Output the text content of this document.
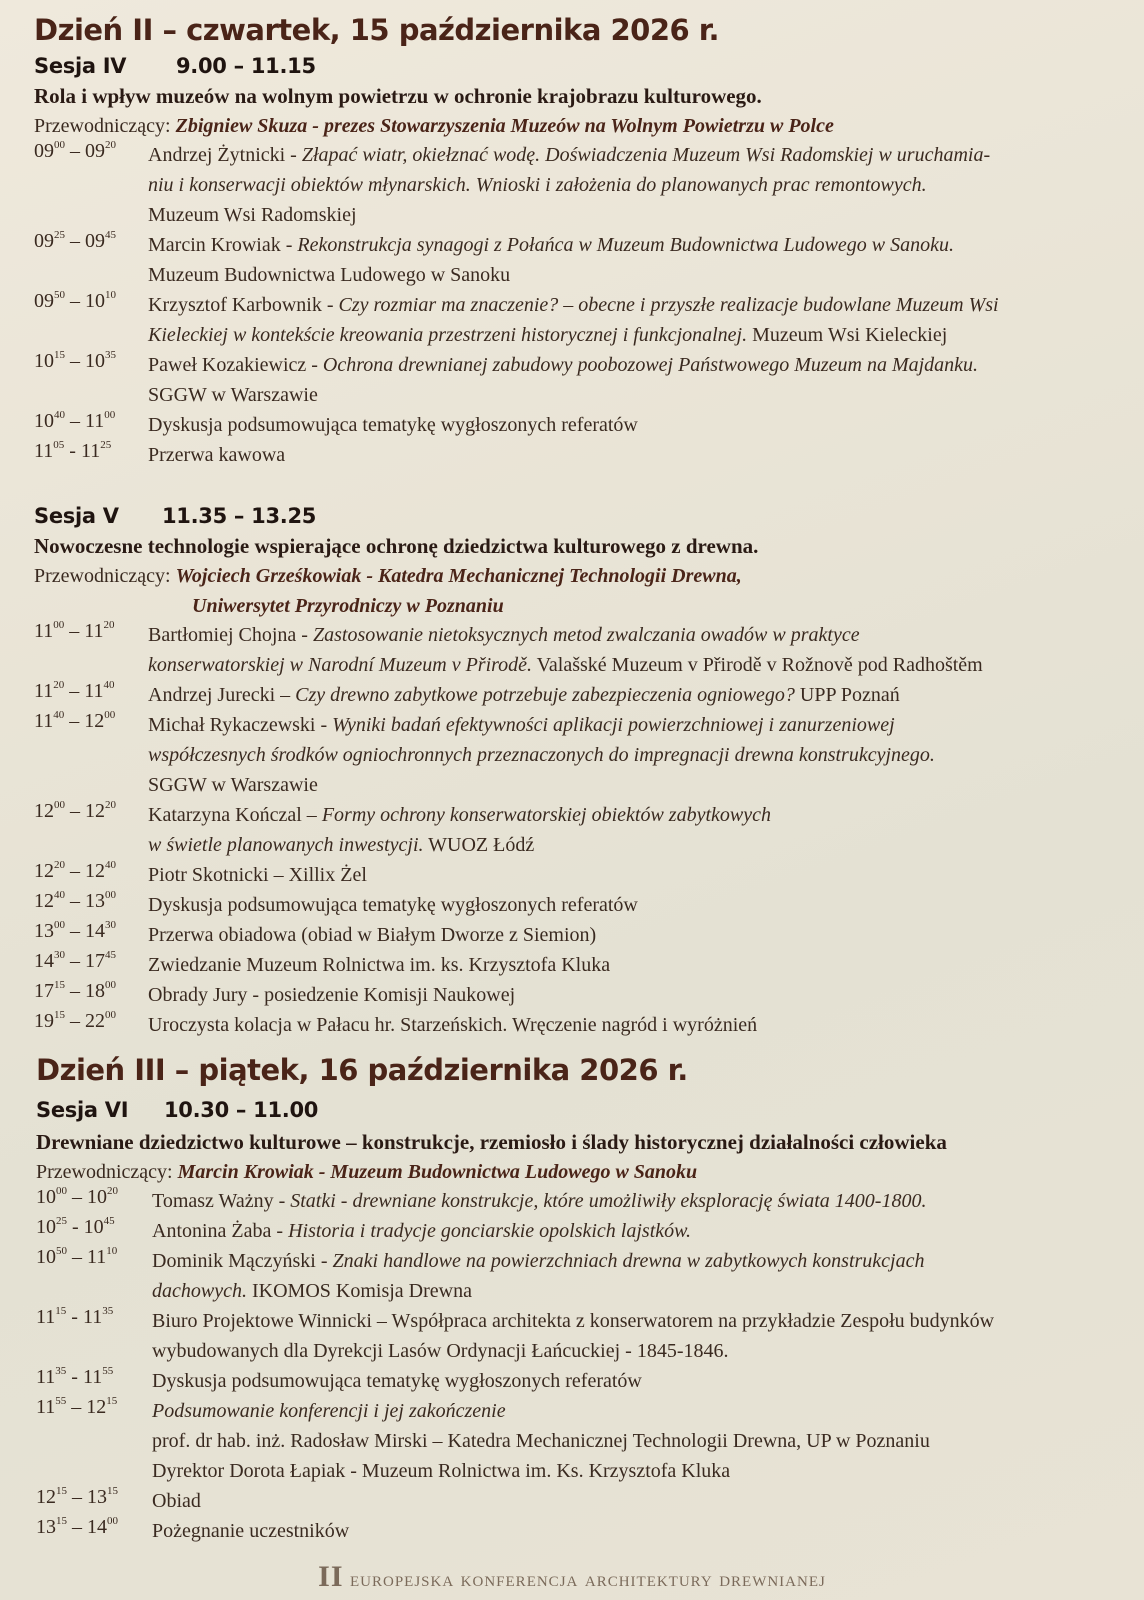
Dzień II – czwartek, 15 października 2026 r.
Sesja IV 9.00 – 11.15
Rola i wpływ muzeów na wolnym powietrzu w ochronie krajobrazu kulturowego.
Przewodniczący: Zbigniew Skuza - prezes Stowarzyszenia Muzeów na Wolnym Powietrzu w Polce
$09^{00} - 09^{20}$ Andrzej Żytnicki - Złapać wiatr, okiełznać wodę. Doświadczenia Muzeum Wsi Radomskiej w uruchamia-
niu i konserwacji obiektów młynarskich. Wnioski i założenia do planowanych prac remontowych.
Muzeum Wsi Radomskiej
$09^{25} - 09^{45}$ Marcin Krowiak - Rekonstrukcja synagogi z Połańca w Muzeum Budownictwa Ludowego w Sanoku.
Muzeum Budownictwa Ludowego w Sanoku
$09^{50} - 10^{10}$ Krzysztof Karbownik - Czy rozmiar ma znaczenie? – obecne i przyszłe realizacje budowlane Muzeum Wsi
Kieleckiej w kontekście kreowania przestrzeni historycznej i funkcjonalnej. Muzeum Wsi Kieleckiej
$10^{15} - 10^{35}$ Paweł Kozakiewicz - Ochrona drewnianej zabudowy poobozowej Państwowego Muzeum na Majdanku.
SGGW w Warszawie
$10^{40} - 11^{00}$ Dyskusja podsumowująca tematykę wygłoszonych referatów
$11^{05} - 11^{25}$ Przerwa kawowa
Sesja V 11.35 – 13.25
Nowoczesne technologie wspierające ochronę dziedzictwa kulturowego z drewna.
Przewodniczący: Wojciech Grześkowiak - Katedra Mechanicznej Technologii Drewna,
Uniwersytet Przyrodniczy w Poznaniu
$11^{00} - 11^{20}$ Bartłomiej Chojna - Zastosowanie nietoksycznych metod zwalczania owadów w praktyce
konserwatorskiej w Narodní Muzeum v Přirodě. Valašské Muzeum v Přirodě v Rožnově pod Radhoštěm
$11^{20} - 11^{40}$ Andrzej Jurecki – Czy drewno zabytkowe potrzebuje zabezpieczenia ogniowego? UPP Poznań
$11^{40} - 12^{00}$ Michał Rykaczewski - Wyniki badań efektywności aplikacji powierzchniowej i zanurzeniowej
współczesnych środków ogniochronnych przeznaczonych do impregnacji drewna konstrukcyjnego.
SGGW w Warszawie
$12^{00} - 12^{20}$ Katarzyna Kończal – Formy ochrony konserwatorskiej obiektów zabytkowych
w świetle planowanych inwestycji. WUOZ Łódź
$12^{20} - 12^{40}$ Piotr Skotnicki – Xillix Żel
$12^{40} - 13^{00}$ Dyskusja podsumowująca tematykę wygłoszonych referatów
$13^{00} - 14^{30}$ Przerwa obiadowa (obiad w Białym Dworze z Siemion)
$14^{30} - 17^{45}$ Zwiedzanie Muzeum Rolnictwa im. ks. Krzysztofa Kluka
$17^{15} - 18^{00}$ Obrady Jury - posiedzenie Komisji Naukowej
$19^{15} - 22^{00}$ Uroczysta kolacja w Pałacu hr. Starzeńskich. Wręczenie nagród i wyróżnień
Dzień III – piątek, 16 października 2026 r.
Sesja VI 10.30 – 11.00
Drewniane dziedzictwo kulturowe – konstrukcje, rzemiosło i ślady historycznej działalności człowieka
Przewodniczący: Marcin Krowiak - Muzeum Budownictwa Ludowego w Sanoku
$10^{00} - 10^{20}$ Tomasz Ważny - Statki - drewniane konstrukcje, które umożliwiły eksplorację świata 1400-1800.
$10^{25} - 10^{45}$ Antonina Żaba - Historia i tradycje gonciarskie opolskich lajstków.
$10^{50} - 11^{10}$ Dominik Mączyński - Znaki handlowe na powierzchniach drewna w zabytkowych konstrukcjach
dachowych. IKOMOS Komisja Drewna
$11^{15} - 11^{35}$ Biuro Projektowe Winnicki – Współpraca architekta z konserwatorem na przykładzie Zespołu budynków
wybudowanych dla Dyrekcji Lasów Ordynacji Łańcuckiej - 1845-1846.
$11^{35} - 11^{55}$ Dyskusja podsumowująca tematykę wygłoszonych referatów
$11^{55} - 12^{15}$ Podsumowanie konferencji i jej zakończenie
prof. dr hab. inż. Radosław Mirski – Katedra Mechanicznej Technologii Drewna, UP w Poznaniu
Dyrektor Dorota Łapiak - Muzeum Rolnictwa im. Ks. Krzysztofa Kluka
$12^{15} - 13^{15}$ Obiad
$13^{15} - 14^{00}$ Pożegnanie uczestników
II europejska konferencja architektury drewnianej
